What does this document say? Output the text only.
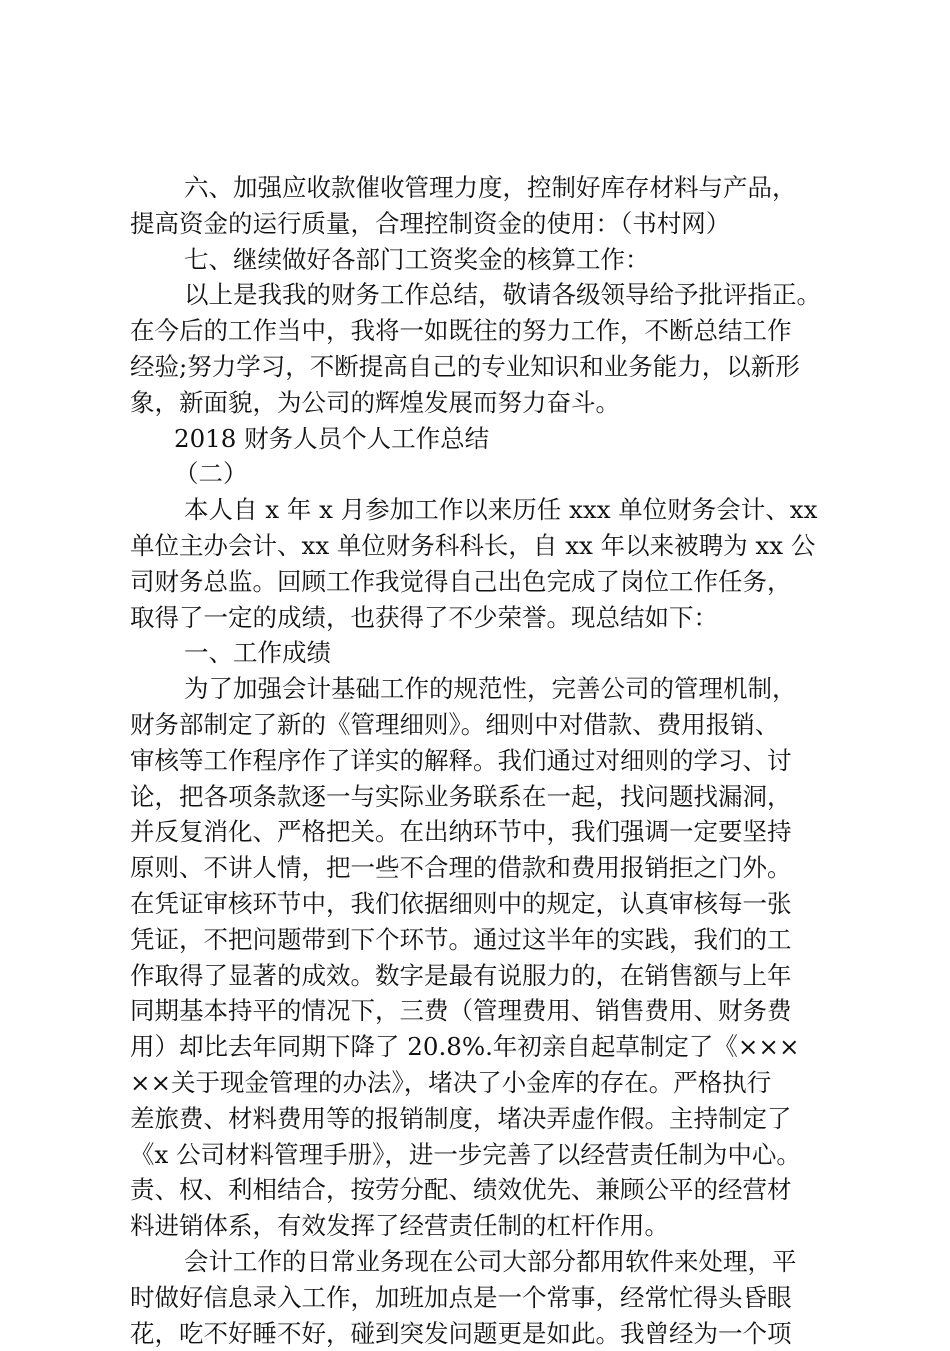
六、加强应收款催收管理力度，控制好库存材料与产品，
提高资金的运行质量，合理控制资金的使用：（书村网）
七、继续做好各部门工资奖金的核算工作：
以上是我我的财务工作总结，敬请各级领导给予批评指正。
在今后的工作当中，我将一如既往的努力工作，不断总结工作
经验;努力学习，不断提高自己的专业知识和业务能力，以新形
象，新面貌，为公司的辉煌发展而努力奋斗。
2018 财务人员个人工作总结
（二）
本人自 x 年 x 月参加工作以来历任 xxx 单位财务会计、xx
单位主办会计、xx 单位财务科科长，自 xx 年以来被聘为 xx 公
司财务总监。回顾工作我觉得自己出色完成了岗位工作任务，
取得了一定的成绩，也获得了不少荣誉。现总结如下：
一、工作成绩
为了加强会计基础工作的规范性，完善公司的管理机制，
财务部制定了新的《管理细则》。细则中对借款、费用报销、
审核等工作程序作了详实的解释。我们通过对细则的学习、讨
论，把各项条款逐一与实际业务联系在一起，找问题找漏洞，
并反复消化、严格把关。在出纳环节中，我们强调一定要坚持
原则、不讲人情，把一些不合理的借款和费用报销拒之门外。
在凭证审核环节中，我们依据细则中的规定，认真审核每一张
凭证，不把问题带到下个环节。通过这半年的实践，我们的工
作取得了显著的成效。数字是最有说服力的，在销售额与上年
同期基本持平的情况下，三费（管理费用、销售费用、财务费
用）却比去年同期下降了 20.8%.年初亲自起草制定了《×××
××关于现金管理的办法》，堵决了小金库的存在。严格执行
差旅费、材料费用等的报销制度，堵决弄虚作假。主持制定了
《x 公司材料管理手册》，进一步完善了以经营责任制为中心。
责、权、利相结合，按劳分配、绩效优先、兼顾公平的经营材
料进销体系，有效发挥了经营责任制的杠杆作用。
会计工作的日常业务现在公司大部分都用软件来处理，平
时做好信息录入工作，加班加点是一个常事，经常忙得头昏眼
花，吃不好睡不好，碰到突发问题更是如此。我曾经为一个项
